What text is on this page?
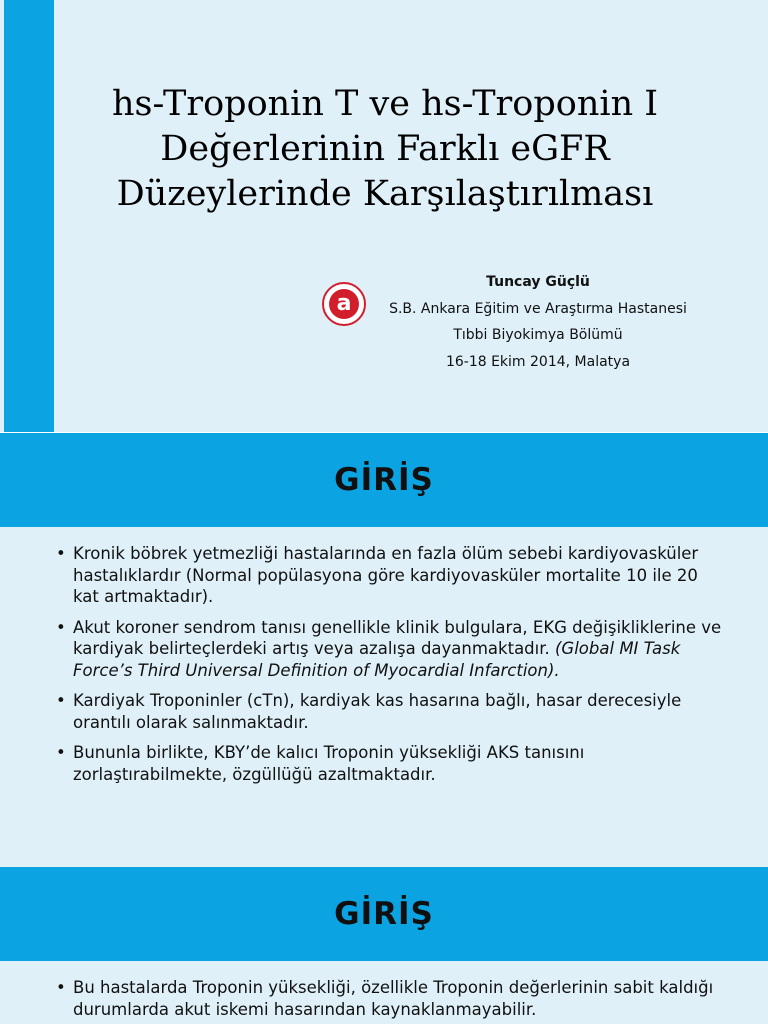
hs-Troponin T ve hs-Troponin I
Değerlerinin Farklı eGFR
Düzeylerinde Karşılaştırılması
a
Tuncay Güçlü
S.B. Ankara Eğitim ve Araştırma Hastanesi
Tıbbi Biyokimya Bölümü
16-18 Ekim 2014, Malatya
GİRİŞ
• Kronik böbrek yetmezliği hastalarında en fazla ölüm sebebi kardiyovasküler hastalıklardır (Normal popülasyona göre kardiyovasküler mortalite 10 ile 20 kat artmaktadır).
• Akut koroner sendrom tanısı genellikle klinik bulgulara, EKG değişikliklerine ve kardiyak belirteçlerdeki artış veya azalışa dayanmaktadır. (Global MI Task Force’s Third Universal Definition of Myocardial Infarction).
• Kardiyak Troponinler (cTn), kardiyak kas hasarına bağlı, hasar derecesiyle orantılı olarak salınmaktadır.
• Bununla birlikte, KBY’de kalıcı Troponin yüksekliği AKS tanısını zorlaştırabilmekte, özgüllüğü azaltmaktadır.
GİRİŞ
• Bu hastalarda Troponin yüksekliği, özellikle Troponin değerlerinin sabit kaldığı durumlarda akut iskemi hasarından kaynaklanmayabilir.
